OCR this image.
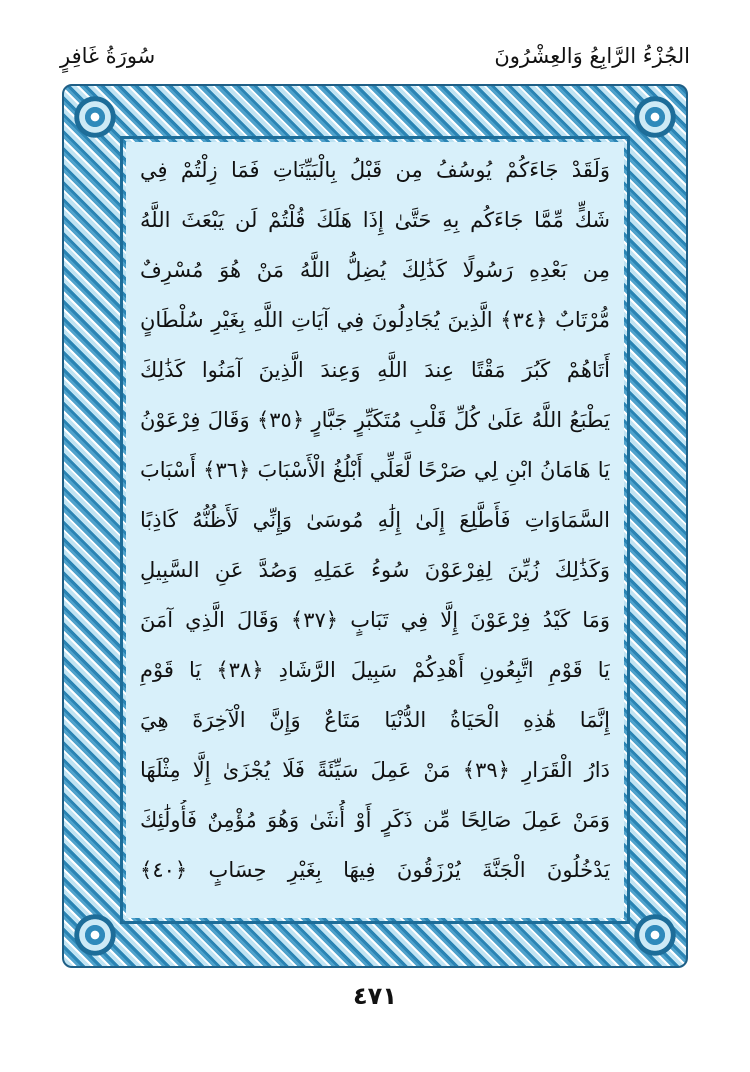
الجُزْءُ الرَّابِعُ وَالعِشْرُونَ
سُورَةُ غَافِرٍ
وَلَقَدْ جَاءَكُمْ يُوسُفُ مِن قَبْلُ بِالْبَيِّنَاتِ فَمَا زِلْتُمْ فِي
شَكٍّ مِّمَّا جَاءَكُم بِهِ حَتَّىٰ إِذَا هَلَكَ قُلْتُمْ لَن يَبْعَثَ اللَّهُ
مِن بَعْدِهِ رَسُولًا كَذَٰلِكَ يُضِلُّ اللَّهُ مَنْ هُوَ مُسْرِفٌ
مُّرْتَابٌ ﴿٣٤﴾ الَّذِينَ يُجَادِلُونَ فِي آيَاتِ اللَّهِ بِغَيْرِ سُلْطَانٍ
أَتَاهُمْ كَبُرَ مَقْتًا عِندَ اللَّهِ وَعِندَ الَّذِينَ آمَنُوا كَذَٰلِكَ
يَطْبَعُ اللَّهُ عَلَىٰ كُلِّ قَلْبِ مُتَكَبِّرٍ جَبَّارٍ ﴿٣٥﴾ وَقَالَ فِرْعَوْنُ
يَا هَامَانُ ابْنِ لِي صَرْحًا لَّعَلِّي أَبْلُغُ الْأَسْبَابَ ﴿٣٦﴾ أَسْبَابَ
السَّمَاوَاتِ فَأَطَّلِعَ إِلَىٰ إِلَٰهِ مُوسَىٰ وَإِنِّي لَأَظُنُّهُ كَاذِبًا
وَكَذَٰلِكَ زُيِّنَ لِفِرْعَوْنَ سُوءُ عَمَلِهِ وَصُدَّ عَنِ السَّبِيلِ
وَمَا كَيْدُ فِرْعَوْنَ إِلَّا فِي تَبَابٍ ﴿٣٧﴾ وَقَالَ الَّذِي آمَنَ
يَا قَوْمِ اتَّبِعُونِ أَهْدِكُمْ سَبِيلَ الرَّشَادِ ﴿٣٨﴾ يَا قَوْمِ
إِنَّمَا هَٰذِهِ الْحَيَاةُ الدُّنْيَا مَتَاعٌ وَإِنَّ الْآخِرَةَ هِيَ
دَارُ الْقَرَارِ ﴿٣٩﴾ مَنْ عَمِلَ سَيِّئَةً فَلَا يُجْزَىٰ إِلَّا مِثْلَهَا
وَمَنْ عَمِلَ صَالِحًا مِّن ذَكَرٍ أَوْ أُنثَىٰ وَهُوَ مُؤْمِنٌ فَأُولَٰئِكَ
يَدْخُلُونَ الْجَنَّةَ يُرْزَقُونَ فِيهَا بِغَيْرِ حِسَابٍ ﴿٤٠﴾
٤٧١
